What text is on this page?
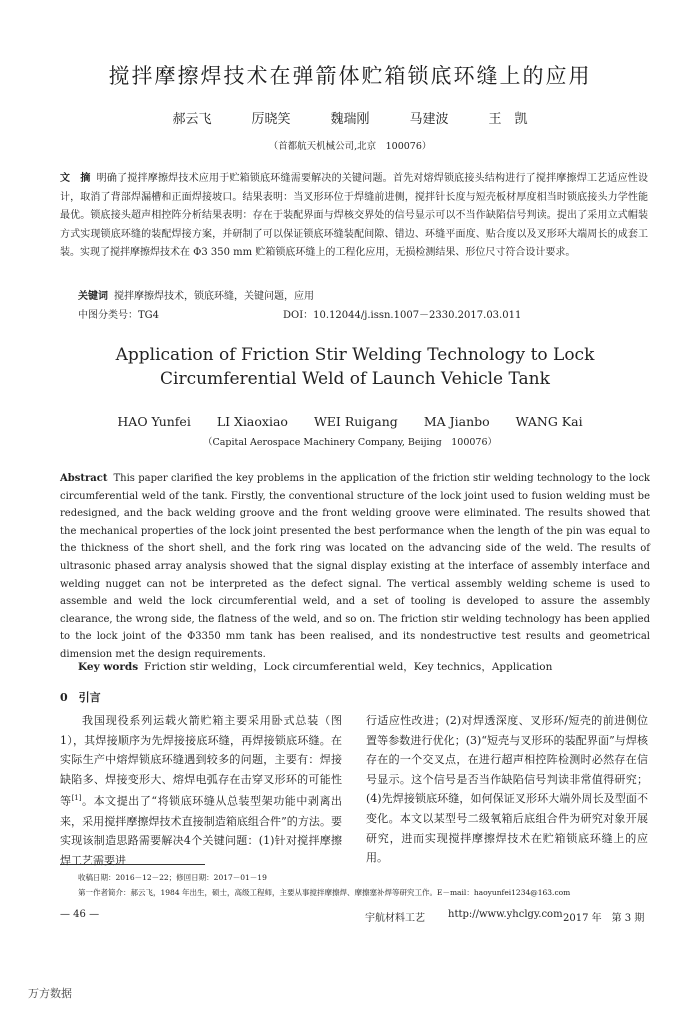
搅拌摩擦焊技术在弹箭体贮箱锁底环缝上的应用
郝云飞	厉晓笑	魏瑞刚	马建波	王　凯
（首都航天机械公司,北京　100076）
文　摘 明确了搅拌摩擦焊技术应用于贮箱锁底环缝需要解决的关键问题。首先对熔焊锁底接头结构进行了搅拌摩擦焊工艺适应性设计，取消了背部焊漏槽和正面焊接坡口。结果表明：当叉形环位于焊缝前进侧，搅拌针长度与短壳板材厚度相当时锁底接头力学性能最优。锁底接头超声相控阵分析结果表明：存在于装配界面与焊核交界处的信号显示可以不当作缺陷信号判读。提出了采用立式帽装方式实现锁底环缝的装配焊接方案，并研制了可以保证锁底环缝装配间隙、错边、环缝平面度、贴合度以及叉形环大端周长的成套工装。实现了搅拌摩擦焊技术在 Φ3 350 mm 贮箱锁底环缝上的工程化应用，无损检测结果、形位尺寸符合设计要求。
关键词 搅拌摩擦焊技术，锁底环缝，关键问题，应用
中图分类号：TG4	DOI：10.12044/j.issn.1007－2330.2017.03.011
Application of Friction Stir Welding Technology to Lock Circumferential Weld of Launch Vehicle Tank
HAO Yunfei LI Xiaoxiao WEI Ruigang MA Jianbo WANG Kai
（Capital Aerospace Machinery Company, Beijing　100076）
Abstract This paper clarified the key problems in the application of the friction stir welding technology to the lock circumferential weld of the tank. Firstly, the conventional structure of the lock joint used to fusion welding must be redesigned, and the back welding groove and the front welding groove were eliminated. The results showed that the mechanical properties of the lock joint presented the best performance when the length of the pin was equal to the thickness of the short shell, and the fork ring was located on the advancing side of the weld. The results of ultrasonic phased array analysis showed that the signal display existing at the interface of assembly interface and welding nugget can not be interpreted as the defect signal. The vertical assembly welding scheme is used to assemble and weld the lock circumferential weld, and a set of tooling is developed to assure the assembly clearance, the wrong side, the flatness of the weld, and so on. The friction stir welding technology has been applied to the lock joint of the Φ3350 mm tank has been realised, and its nondestructive test results and geometrical dimension met the design requirements.
Key words Friction stir welding，Lock circumferential weld，Key technics，Application
0　引言
我国现役系列运载火箭贮箱主要采用卧式总装（图1），其焊接顺序为先焊接接底环缝，再焊接锁底环缝。在实际生产中熔焊锁底环缝遇到较多的问题，主要有：焊接缺陷多、焊接变形大、熔焊电弧存在击穿叉形环的可能性等[1]。本文提出了“将锁底环缝从总装型架功能中剥离出来，采用搅拌摩擦焊技术直接制造箱底组合件”的方法。要实现该制造思路需要解决4个关键问题：(1)针对搅拌摩擦焊工艺需要进
行适应性改进；(2)对焊透深度、叉形环/短壳的前进侧位置等参数进行优化；(3)“短壳与叉形环的装配界面”与焊核存在的一个交叉点，在进行超声相控阵检测时必然存在信号显示。这个信号是否当作缺陷信号判读非常值得研究；(4)先焊接锁底环缝，如何保证叉形环大端外周长及型面不变化。本文以某型号二级氧箱后底组合件为研究对象开展研究，进而实现搅拌摩擦焊技术在贮箱锁底环缝上的应用。
收稿日期：2016－12－22；修回日期：2017－01－19
第一作者简介：郝云飞，1984 年出生，硕士，高级工程师，主要从事搅拌摩擦焊、摩擦塞补焊等研究工作。E－mail：haoyunfei1234@163.com
— 46 —	宇航材料工艺 http://www.yhclgy.com 2017 年　第 3 期
万方数据
